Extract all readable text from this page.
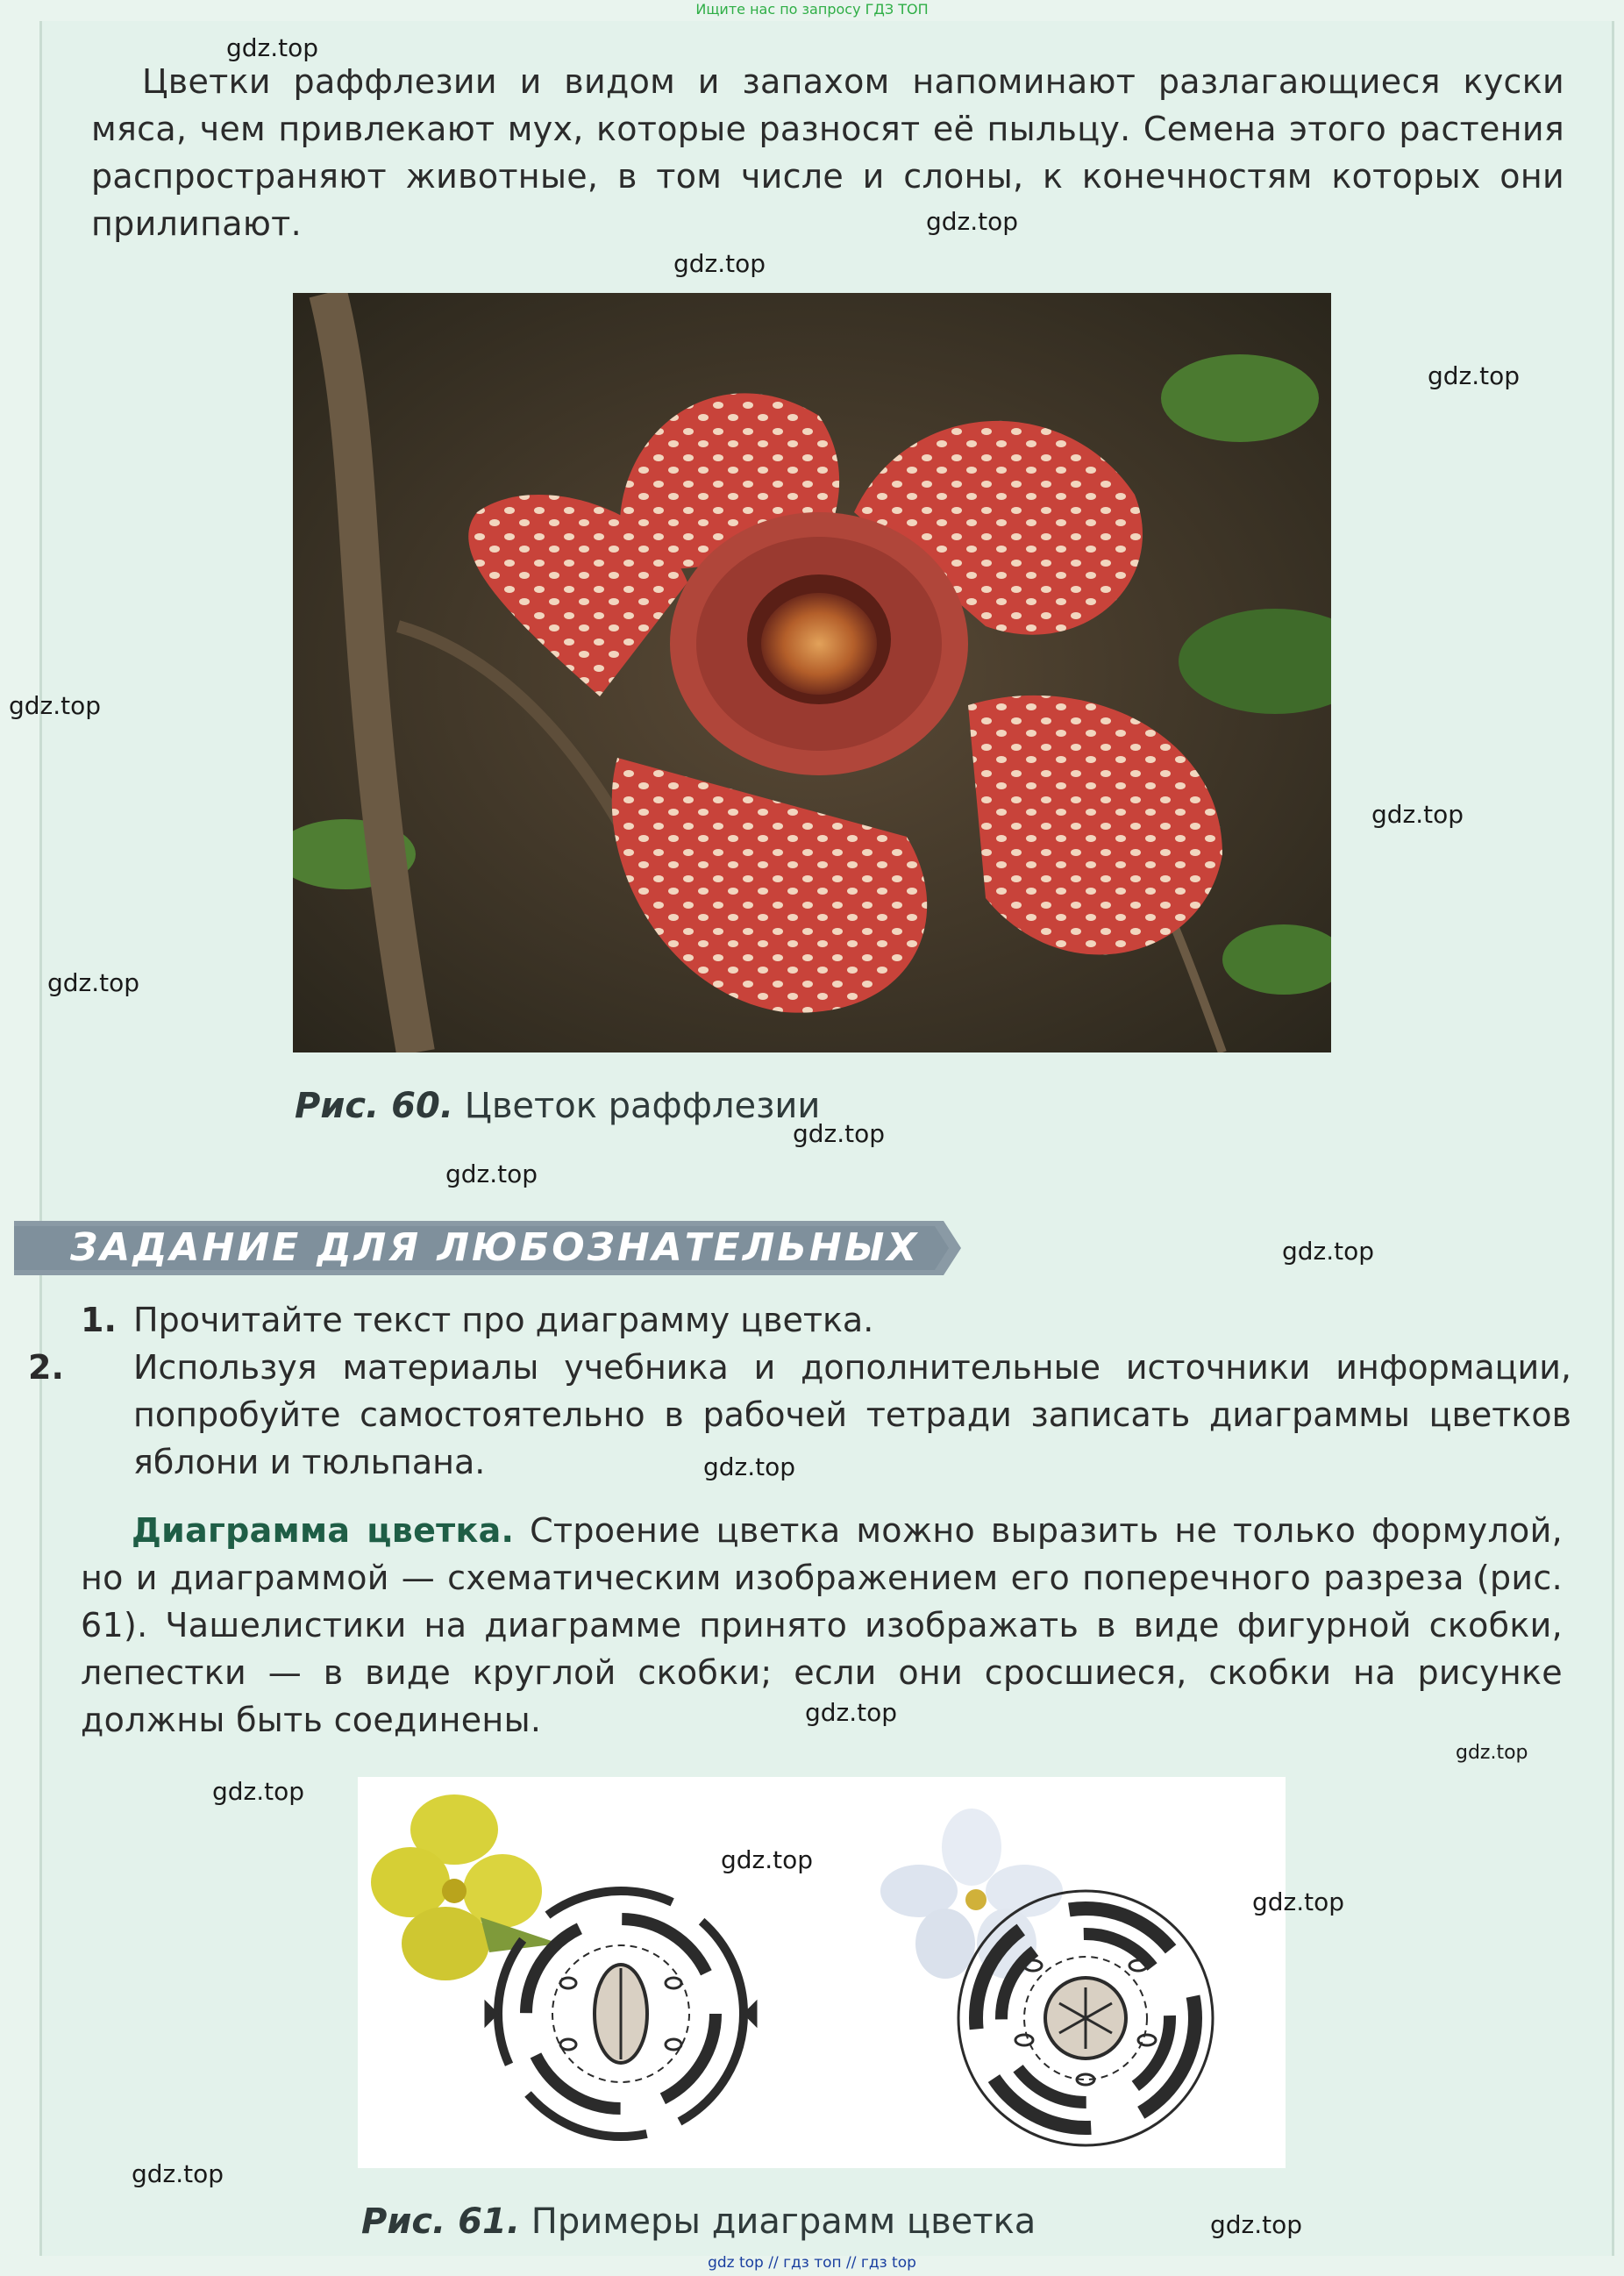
Ищите нас по запросу ГДЗ ТОП
Цветки раффлезии и видом и запахом напоминают разлагающиеся куски мяса, чем привлекают мух, которые разносят её пыльцу. Семена этого растения распространяют животные, в том числе и слоны, к конечностям которых они прилипают.
Рис. 60. Цветок раффлезии
ЗАДАНИЕ ДЛЯ ЛЮБОЗНАТЕЛЬНЫХ
1. Прочитайте текст про диаграмму цветка.
2. Используя материалы учебника и дополнительные источники информации, попробуйте самостоятельно в рабочей тетради записать диаграммы цветков яблони и тюльпана.
Диаграмма цветка. Строение цветка можно выразить не только формулой, но и диаграммой — схематическим изображением его поперечного разреза (рис. 61). Чашелистики на диаграмме принято изображать в виде фигурной скобки, лепестки — в виде круглой скобки; если они сросшиеся, скобки на рисунке должны быть соединены.
Рис. 61. Примеры диаграмм цветка
gdz.top
gdz.top
gdz.top
gdz.top
gdz.top
gdz.top
gdz.top
gdz.top
gdz.top
gdz.top
gdz.top
gdz.top
gdz.top
gdz.top
gdz.top
gdz.top
gdz.top
gdz.top
gdz top // гдз топ // гдз top
